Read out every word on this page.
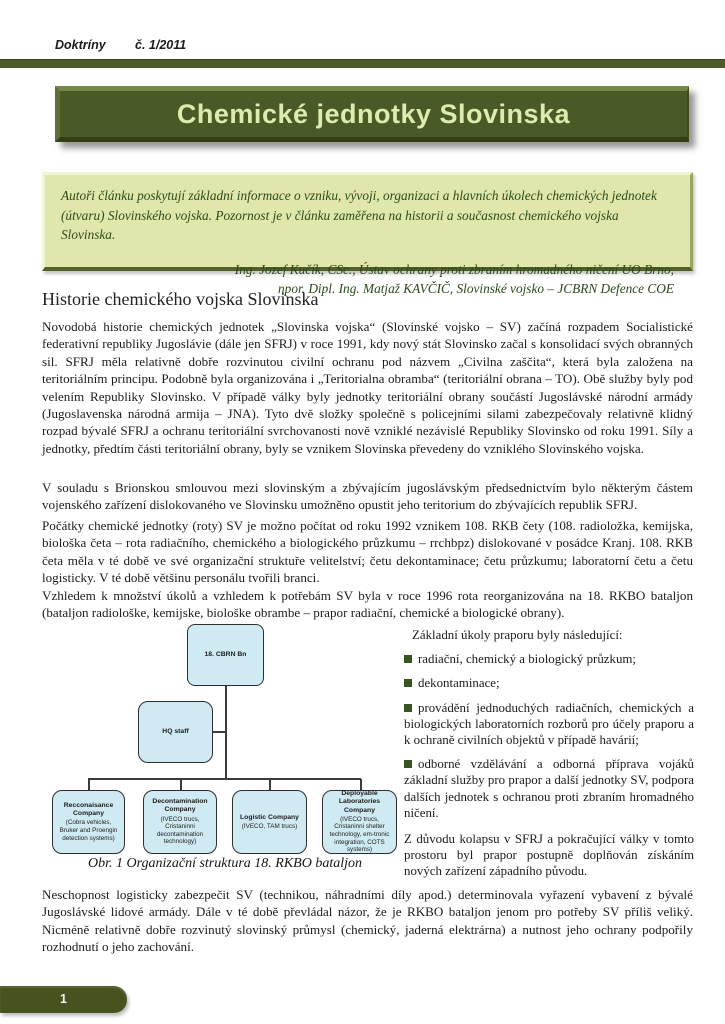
Doktríny č. 1/2011
Chemické jednotky Slovinska

Autoři článku poskytují základní informace o vzniku, vývoji, organizaci a hlavních úkolech chemických jednotek (útvaru) Slovinského vojska. Pozornost je v článku zaměřena na historii a současnost chemického vojska Slovinska.

Ing. Jozef Kučík, CSc., Ústav ochrany proti zbraním hromadného ničení UO Brno,

npor. Dipl. Ing. Matjaž KAVČIČ, Slovinské vojsko – JCBRN Defence COE

Historie chemického vojska Slovinska

Novodobá historie chemických jednotek „Slovinska vojska“ (Slovinské vojsko – SV) začíná rozpadem Socialistické federativní republiky Jugoslávie (dále jen SFRJ) v roce 1991, kdy nový stát Slovinsko začal s konsolidací svých obranných sil. SFRJ měla relativně dobře rozvinutou civilní ochranu pod názvem „Civilna zaščita“, která byla založena na teritoriálním principu. Podobně byla organizována i „Teritorialna obramba“ (teritoriální obrana – TO). Obě služby byly pod velením Republiky Slovinsko. V případě války byly jednotky teritoriální obrany součástí Jugoslávské národní armády (Jugoslavenska národná armija – JNA). Tyto dvě složky společně s policejními silami zabezpečovaly relativně klidný rozpad bývalé SFRJ a ochranu teritoriální svrchovanosti nově vzniklé nezávislé Republiky Slovinsko od roku 1991. Síly a jednotky, předtím části teritoriální obrany, byly se vznikem Slovinska převedeny do vzniklého Slovinského vojska.

V souladu s Brionskou smlouvou mezi slovinským a zbývajícím jugoslávským předsednictvím bylo některým částem vojenského zařízení dislokovaného ve Slovinsku umožněno opustit jeho teritorium do zbývajících republik SFRJ.

Počátky chemické jednotky (roty) SV je možno počítat od roku 1992 vznikem 108. RKB čety (108. radioložka, kemijska, biološka četa – rota radiačního, chemického a biologického průzkumu – rrchbpz) dislokované v posádce Kranj. 108. RKB četa měla v té době ve své organizační struktuře velitelství; četu dekontaminace; četu průzkumu; laboratorní četu a četu logisticky. V té době většinu personálu tvořili branci.

Vzhledem k množství úkolů a vzhledem k potřebám SV byla v roce 1996 rota reorganizována na 18. RKBO bataljon (bataljon radiološke, kemijske, biološke obrambe – prapor radiační, chemické a biologické obrany).

18. CBRN Bn
HQ staff
Recconaisance Company
(Cobra vehicles, Bruker and Proengin detection systems)
Decontamination Company
(IVECO trucs, Cristaninni decontamination technology)
Logistic Company
(IVECO, TAM trucs)
Deployable Laboratories Company
(IVECO trucs, Cristaninni shelter technology, em-tronic integration, COTS systems)

Obr. 1 Organizační struktura 18. RKBO bataljon

Základní úkoly praporu byly následující:

radiační, chemický a biologický průzkum;
dekontaminace;
provádění jednoduchých radiačních, chemických a biologických laboratorních rozborů pro účely praporu a k ochraně civilních objektů v případě havárií;
odborné vzdělávání a odborná příprava vojáků základní služby pro prapor a další jednotky SV, podpora dalších jednotek s ochranou proti zbraním hromadného ničení.

Z důvodu kolapsu v SFRJ a pokračující války v tomto prostoru byl prapor postupně doplňován získáním nových zařízení západního původu.

Neschopnost logisticky zabezpečit SV (technikou, náhradními díly apod.) determinovala vyřazení vybavení z bývalé Jugoslávské lidové armády. Dále v té době převládal názor, že je RKBO bataljon jenom pro potřeby SV příliš veliký. Nicméně relativně dobře rozvinutý slovinský průmysl (chemický, jaderná elektrárna) a nutnost jeho ochrany podpořily rozhodnutí o jeho zachování.

1
